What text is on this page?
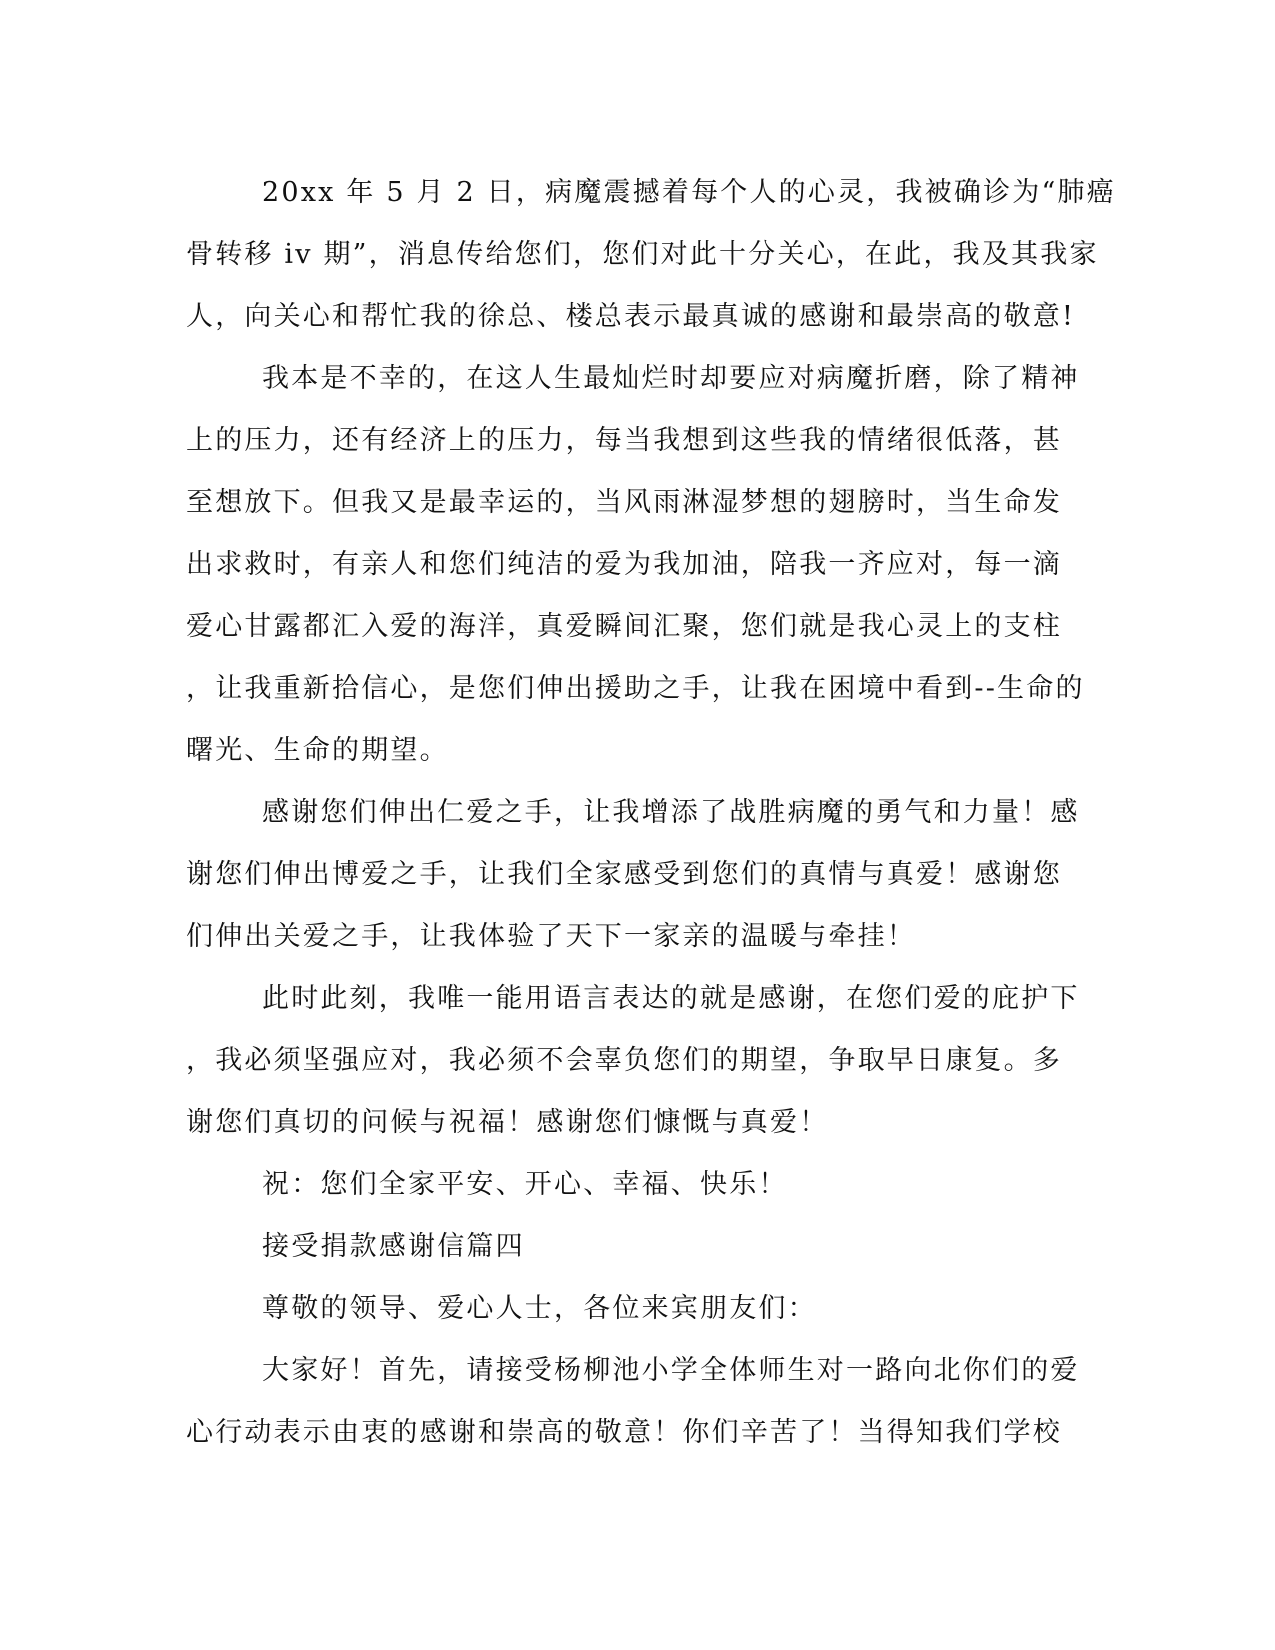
20xx 年 5 月 2 日，病魔震撼着每个人的心灵，我被确诊为“肺癌
骨转移 iv 期”，消息传给您们，您们对此十分关心，在此，我及其我家
人，向关心和帮忙我的徐总、楼总表示最真诚的感谢和最崇高的敬意!
我本是不幸的，在这人生最灿烂时却要应对病魔折磨，除了精神
上的压力，还有经济上的压力，每当我想到这些我的情绪很低落，甚
至想放下。但我又是最幸运的，当风雨淋湿梦想的翅膀时，当生命发
出求救时，有亲人和您们纯洁的爱为我加油，陪我一齐应对，每一滴
爱心甘露都汇入爱的海洋，真爱瞬间汇聚，您们就是我心灵上的支柱
，让我重新拾信心，是您们伸出援助之手，让我在困境中看到--生命的
曙光、生命的期望。
感谢您们伸出仁爱之手，让我增添了战胜病魔的勇气和力量！感
谢您们伸出博爱之手，让我们全家感受到您们的真情与真爱！感谢您
们伸出关爱之手，让我体验了天下一家亲的温暖与牵挂！
此时此刻，我唯一能用语言表达的就是感谢，在您们爱的庇护下
，我必须坚强应对，我必须不会辜负您们的期望，争取早日康复。多
谢您们真切的问候与祝福！感谢您们慷慨与真爱！
祝：您们全家平安、开心、幸福、快乐！
接受捐款感谢信篇四
尊敬的领导、爱心人士，各位来宾朋友们：
大家好！首先，请接受杨柳池小学全体师生对一路向北你们的爱
心行动表示由衷的感谢和崇高的敬意！你们辛苦了！当得知我们学校
